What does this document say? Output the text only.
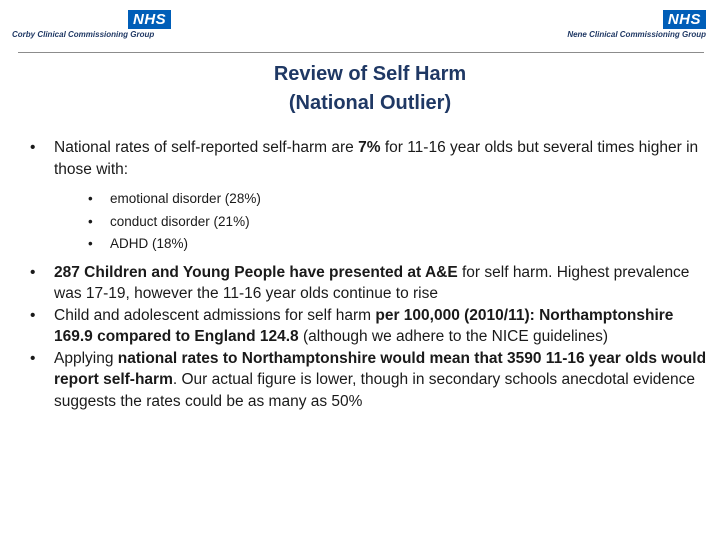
NHS
Corby Clinical Commissioning Group
NHS
Nene Clinical Commissioning Group
Review of Self Harm
(National Outlier)
• National rates of self-reported self-harm are 7% for 11-16 year olds but several times higher in those with:
• emotional disorder (28%)
• conduct disorder (21%)
• ADHD (18%)
• 287 Children and Young People have presented at A&E for self harm. Highest prevalence was 17-19, however the 11-16 year olds continue to rise
• Child and adolescent admissions for self harm per 100,000 (2010/11): Northamptonshire 169.9 compared to England 124.8 (although we adhere to the NICE guidelines)
• Applying national rates to Northamptonshire would mean that 3590 11-16 year olds would report self-harm. Our actual figure is lower, though in secondary schools anecdotal evidence suggests the rates could be as many as 50%
